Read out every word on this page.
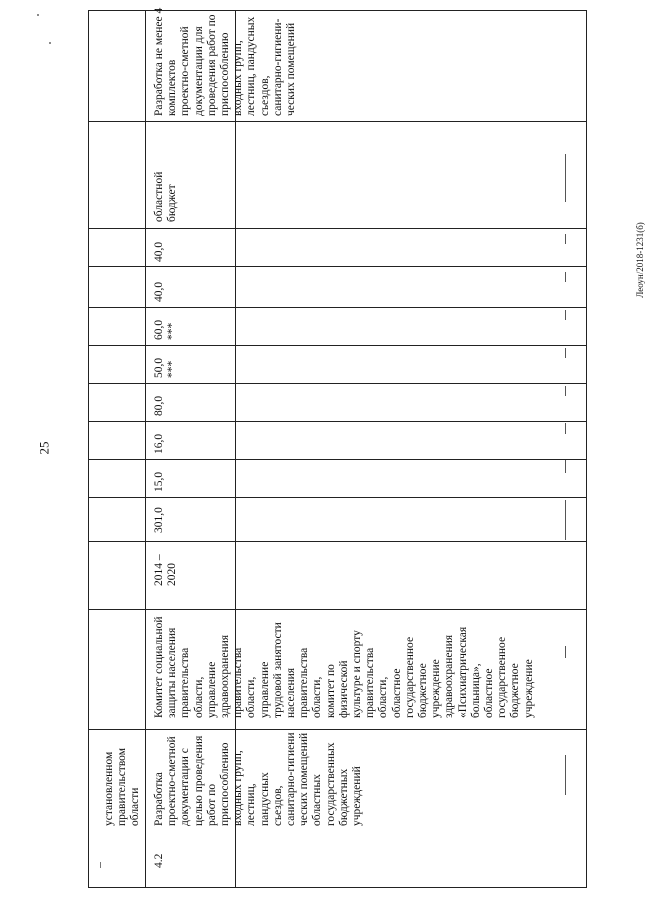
25
Леоун/2018-1231(б)
установленном
правительством
области
4.2
Разработка
проектно-сметной
документации с
целью проведения
работ по
приспособлению
входных групп,
лестниц,
пандусных
съездов,
санитарно-гигиени
ческих помещений
областных
государственных
бюджетных
учреждений
Комитет социальной
защиты населения
правительства
области,
управление
здравоохранения
правительства
области,
управление
трудовой занятости
населения
правительства
области,
комитет по
физической
культуре и спорту
правительства
области,
областное
государственное
бюджетное
учреждение
здравоохранения
«Психиатрическая
больница»,
областное
государственное
бюджетное
учреждение
2014 –
2020
301,0
15,0
16,0
80,0
50,0
***
60,0
***
40,0
40,0
областной
бюджет
Разработка не менее 4
комплектов
проектно-сметной
документации для
проведения работ по
приспособлению
входных групп,
лестниц, пандусных
съездов,
санитарно-гигиени-
ческих помещений
